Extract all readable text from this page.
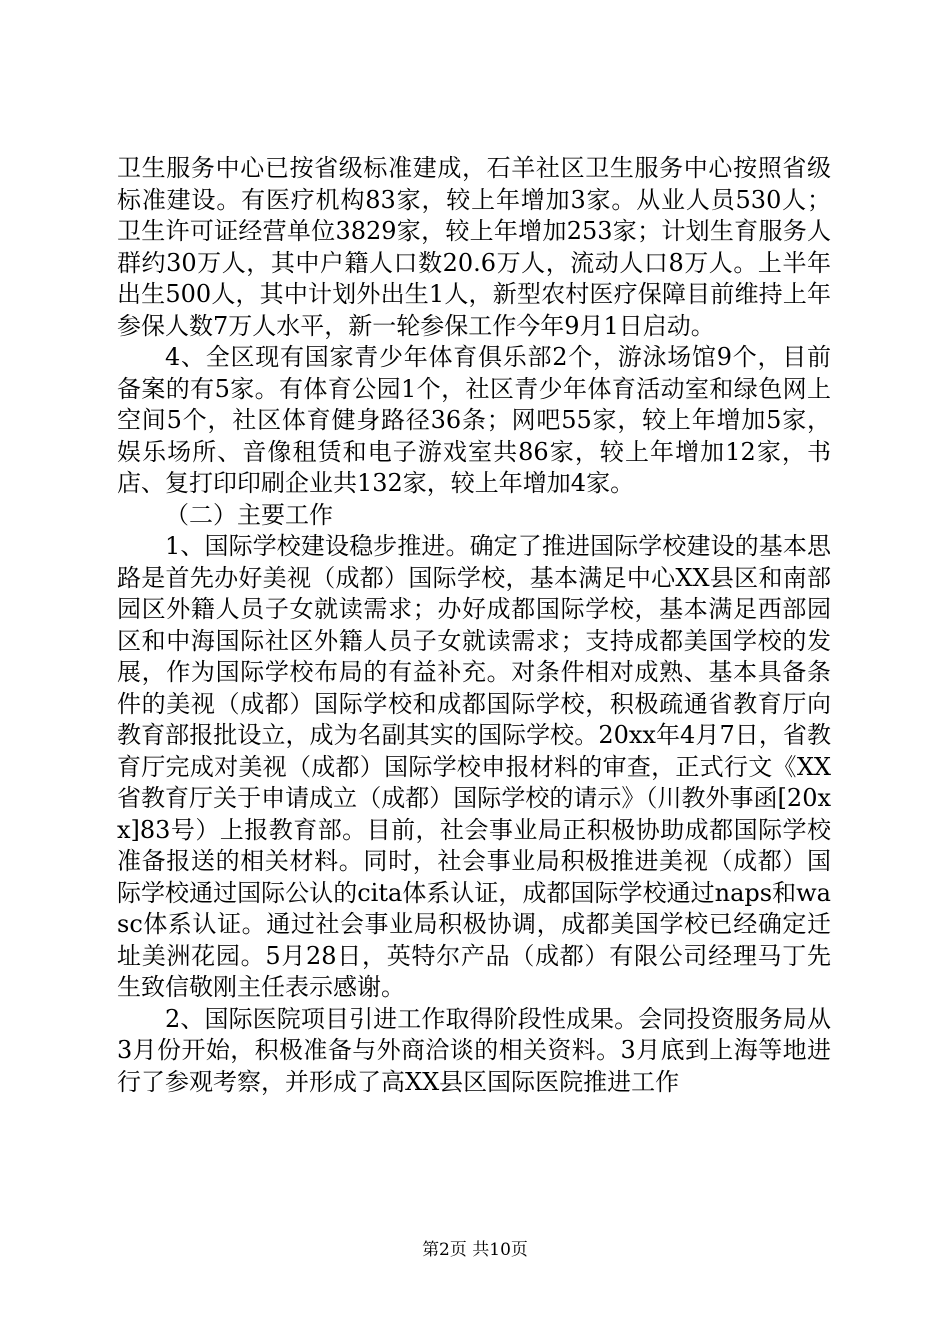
卫生服务中心已按省级标准建成，石羊社区卫生服务中心按照省级标准建设。有医疗机构83家，较上年增加3家。从业人员530人；卫生许可证经营单位3829家，较上年增加253家；计划生育服务人群约30万人，其中户籍人口数20.6万人，流动人口8万人。上半年出生500人，其中计划外出生1人，新型农村医疗保障目前维持上年参保人数7万人水平，新一轮参保工作今年9月1日启动。

4、全区现有国家青少年体育俱乐部2个，游泳场馆9个，目前备案的有5家。有体育公园1个，社区青少年体育活动室和绿色网上空间5个，社区体育健身路径36条；网吧55家，较上年增加5家，娱乐场所、音像租赁和电子游戏室共86家，较上年增加12家，书店、复打印印刷企业共132家，较上年增加4家。

（二）主要工作

1、国际学校建设稳步推进。确定了推进国际学校建设的基本思路是首先办好美视（成都）国际学校，基本满足中心XX县区和南部园区外籍人员子女就读需求；办好成都国际学校，基本满足西部园区和中海国际社区外籍人员子女就读需求；支持成都美国学校的发展，作为国际学校布局的有益补充。对条件相对成熟、基本具备条件的美视（成都）国际学校和成都国际学校，积极疏通省教育厅向教育部报批设立，成为名副其实的国际学校。20xx年4月7日，省教育厅完成对美视（成都）国际学校申报材料的审查，正式行文《XX省教育厅关于申请成立（成都）国际学校的请示》（川教外事函[20xx]83号）上报教育部。目前，社会事业局正积极协助成都国际学校准备报送的相关材料。同时，社会事业局积极推进美视（成都）国际学校通过国际公认的cita体系认证，成都国际学校通过naps和wasc体系认证。通过社会事业局积极协调，成都美国学校已经确定迁址美洲花园。5月28日，英特尔产品（成都）有限公司经理马丁先生致信敬刚主任表示感谢。

2、国际医院项目引进工作取得阶段性成果。会同投资服务局从3月份开始，积极准备与外商洽谈的相关资料。3月底到上海等地进行了参观考察，并形成了高XX县区国际医院推进工作

第2页 共10页
